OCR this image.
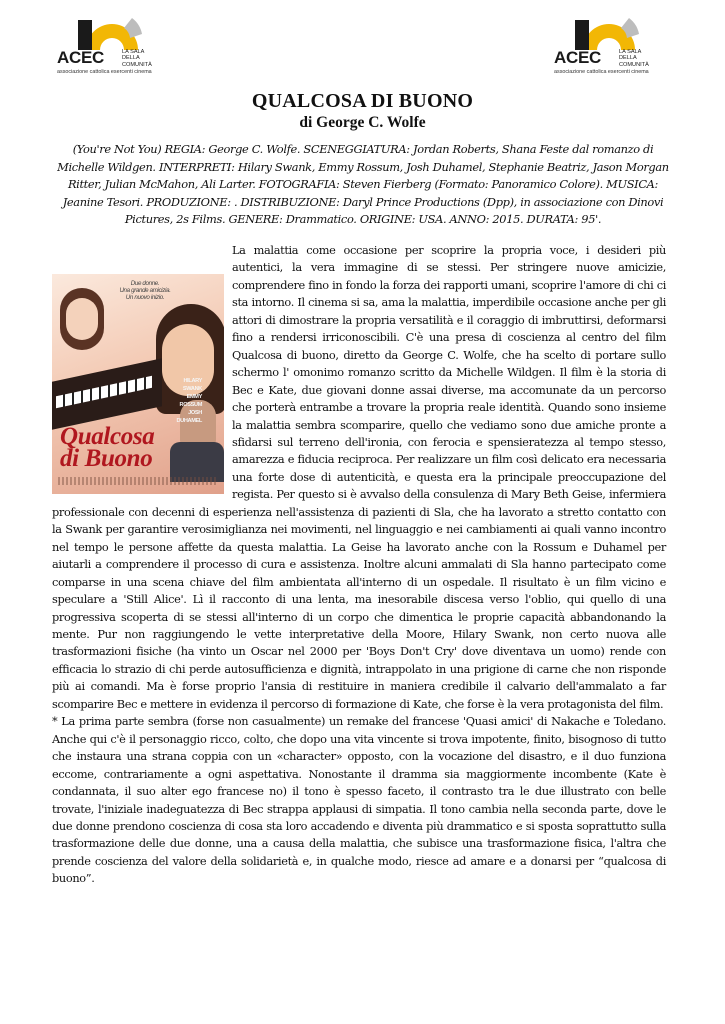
ACEC	LA SALA
DELLA
COMUNITÀ
associazione cattolica esercenti cinema
ACEC	LA SALA
DELLA
COMUNITÀ
associazione cattolica esercenti cinema
QUALCOSA DI BUONO
di George C. Wolfe

(You're Not You) REGIA: George C. Wolfe. SCENEGGIATURA: Jordan Roberts, Shana Feste dal romanzo di Michelle Wildgen. INTERPRETI: Hilary Swank, Emmy Rossum, Josh Duhamel, Stephanie Beatriz, Jason Morgan Ritter, Julian McMahon, Ali Larter. FOTOGRAFIA: Steven Fierberg (Formato: Panoramico Colore). MUSICA: Jeanine Tesori. PRODUZIONE: . DISTRIBUZIONE: Daryl Prince Productions (Dpp), in associazione con Dinovi Pictures, 2s Films. GENERE: Drammatico. ORIGINE: USA. ANNO: 2015. DURATA: 95'.

Due donne.
Una grande amicizia.
Un nuovo inizio.
HILARY
SWANK
EMMY
ROSSUM
JOSH
DUHAMEL
Qualcosa
di Buono
La malattia come occasione per scoprire la propria voce, i desideri più autentici, la vera immagine di se stessi. Per stringere nuove amicizie, comprendere fino in fondo la forza dei rapporti umani, scoprire l'amore di chi ci sta intorno. Il cinema si sa, ama la malattia, imperdibile occasione anche per gli attori di dimostrare la propria versatilità e il coraggio di imbruttirsi, deformarsi fino a rendersi irriconoscibili. C'è una presa di coscienza al centro del film Qualcosa di buono, diretto da George C. Wolfe, che ha scelto di portare sullo schermo l' omonimo romanzo scritto da Michelle Wildgen. Il film è la storia di Bec e Kate, due giovani donne assai diverse, ma accomunate da un percorso che porterà entrambe a trovare la propria reale identità. Quando sono insieme la malattia sembra scomparire, quello che vediamo sono due amiche pronte a sfidarsi sul terreno dell'ironia, con ferocia e spensieratezza al tempo stesso, amarezza e fiducia reciproca. Per realizzare un film così delicato era necessaria una forte dose di autenticità, e questa era la principale preoccupazione del regista. Per questo si è avvalso della consulenza di Mary Beth Geise, infermiera professionale con decenni di esperienza nell'assistenza di pazienti di Sla, che ha lavorato a stretto contatto con la Swank per garantire verosimiglianza nei movimenti, nel linguaggio e nei cambiamenti ai quali vanno incontro nel tempo le persone affette da questa malattia. La Geise ha lavorato anche con la Rossum e Duhamel per aiutarli a comprendere il processo di cura e assistenza. Inoltre alcuni ammalati di Sla hanno partecipato come comparse in una scena chiave del film ambientata all'interno di un ospedale. Il risultato è un film vicino e speculare a 'Still Alice'. Lì il racconto di una lenta, ma inesorabile discesa verso l'oblio, qui quello di una progressiva scoperta di se stessi all'interno di un corpo che dimentica le proprie capacità abbandonando la mente. Pur non raggiungendo le vette interpretative della Moore, Hilary Swank, non certo nuova alle trasformazioni fisiche (ha vinto un Oscar nel 2000 per 'Boys Don't Cry' dove diventava un uomo) rende con efficacia lo strazio di chi perde autosufficienza e dignità, intrappolato in una prigione di carne che non risponde più ai comandi. Ma è forse proprio l'ansia di restituire in maniera credibile il calvario dell'ammalato a far scomparire Bec e mettere in evidenza il percorso di formazione di Kate, che forse è la vera protagonista del film.
* La prima parte sembra (forse non casualmente) un remake del francese 'Quasi amici' di Nakache e Toledano. Anche qui c'è il personaggio ricco, colto, che dopo una vita vincente si trova impotente, finito, bisognoso di tutto che instaura una strana coppia con un «character» opposto, con la vocazione del disastro, e il duo funziona eccome, contrariamente a ogni aspettativa. Nonostante il dramma sia maggiormente incombente (Kate è condannata, il suo alter ego francese no) il tono è spesso faceto, il contrasto tra le due illustrato con belle trovate, l'iniziale inadeguatezza di Bec strappa applausi di simpatia. Il tono cambia nella seconda parte, dove le due donne prendono coscienza di cosa sta loro accadendo e diventa più drammatico e si sposta soprattutto sulla trasformazione delle due donne, una a causa della malattia, che subisce una trasformazione fisica, l'altra che prende coscienza del valore della solidarietà e, in qualche modo, riesce ad amare e a donarsi per “qualcosa di buono”.
